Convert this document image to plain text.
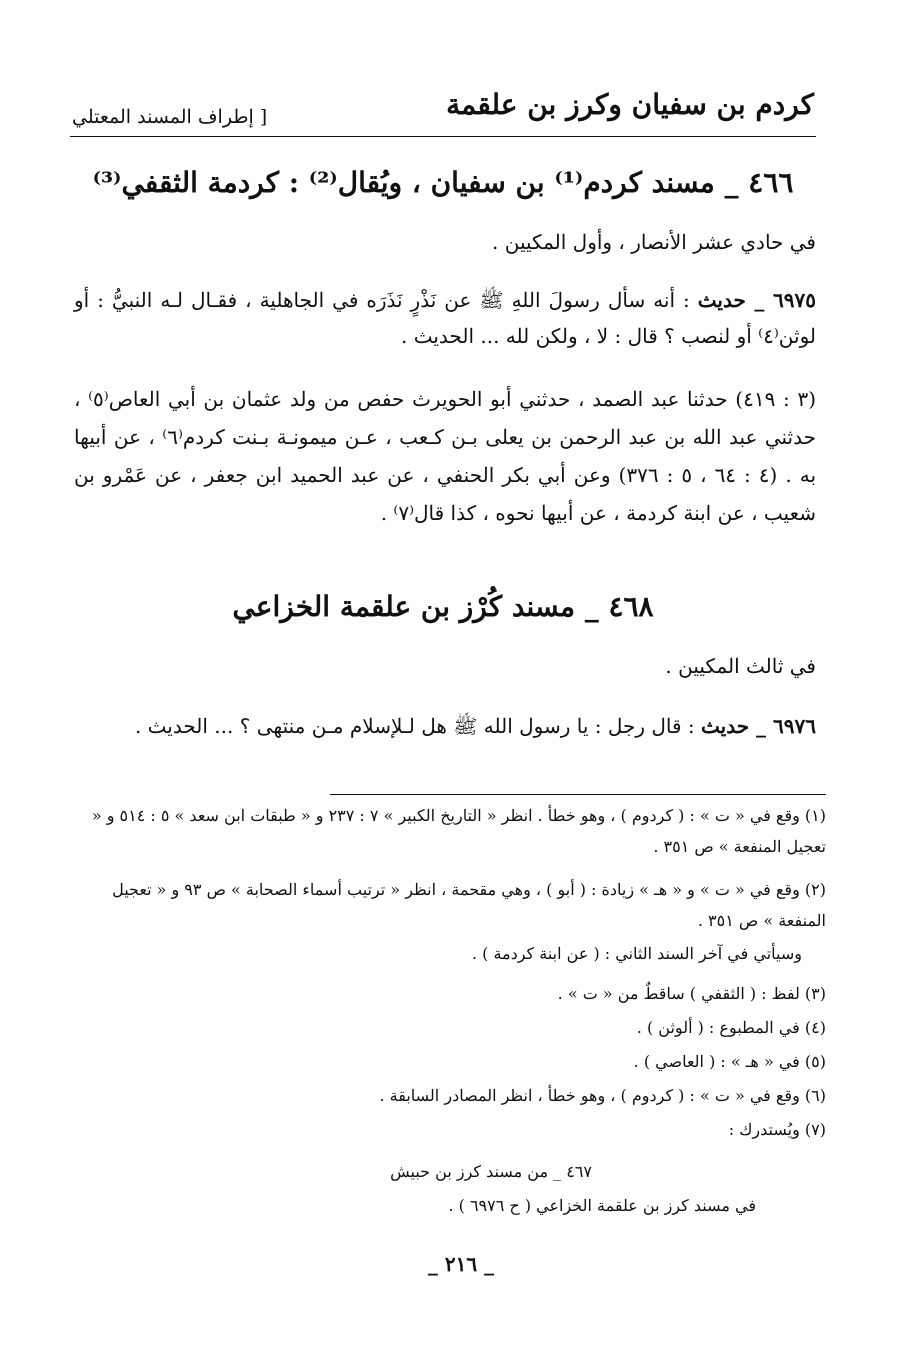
كردم بن سفيان وكرز بن علقمة
[ إطراف المسند المعتلي
٤٦٦ _ مسند كردم⁽¹⁾ بن سفيان ، ويُقال⁽²⁾ : كردمة الثقفي⁽³⁾
في حادي عشر الأنصار ، وأول المكيين .
٦٩٧٥ _ حديث : أنه سأل رسولَ اللهِ ﷺ عن نَذْرٍ نَذَرَه في الجاهلية ، فقـال لـه النبيُّ : أو لوثن⁽٤⁾ أو لنصب ؟ قال : لا ، ولكن لله ... الحديث .
(٣ : ٤١٩) حدثنا عبد الصمد ، حدثني أبو الحويرث حفص من ولد عثمان بن أبي العاص⁽٥⁾ ، حدثني عبد الله بن عبد الرحمن بن يعلى بـن كـعب ، عـن ميمونـة بـنت كردم⁽٦⁾ ، عن أبيها به . (٤ : ٦٤ ، ٥ : ٣٧٦) وعن أبي بكر الحنفي ، عن عبد الحميد ابن جعفر ، عن عَمْرو بن شعيب ، عن ابنة كردمة ، عن أبيها نحوه ، كذا قال⁽٧⁾ .
٤٦٨ _ مسند كُرْز بن علقمة الخزاعي
في ثالث المكيين .
٦٩٧٦ _ حديث : قال رجل : يا رسول الله ﷺ هل لـلإسلام مـن منتهى ؟ ... الحديث .
(١) وقع في « ت » : ( كردوم ) ، وهو خطأ . انظر « التاريخ الكبير » ٧ : ٢٣٧ و « طبقات ابن سعد » ٥ : ٥١٤ و « تعجيل المنفعة » ص ٣٥١ .
(٢) وقع في « ت » و « هـ » زيادة : ( أبو ) ، وهي مقحمة ، انظر « ترتيب أسماء الصحابة » ص ٩٣ و « تعجيل المنفعة » ص ٣٥١ .
وسيأتي في آخر السند الثاني : ( عن ابنة كردمة ) .
(٣) لفظ : ( الثقفي ) ساقطٌ من « ت » .
(٤) في المطبوع : ( ألوثن ) .
(٥) في « هـ » : ( العاصي ) .
(٦) وقع في « ت » : ( كردوم ) ، وهو خطأ ، انظر المصادر السابقة .
(٧) ويُستدرك :
٤٦٧ _ من مسند كرز بن حبيش
في مسند كرز بن علقمة الخزاعي ( ح ٦٩٧٦ ) .
_ ٢١٦ _
